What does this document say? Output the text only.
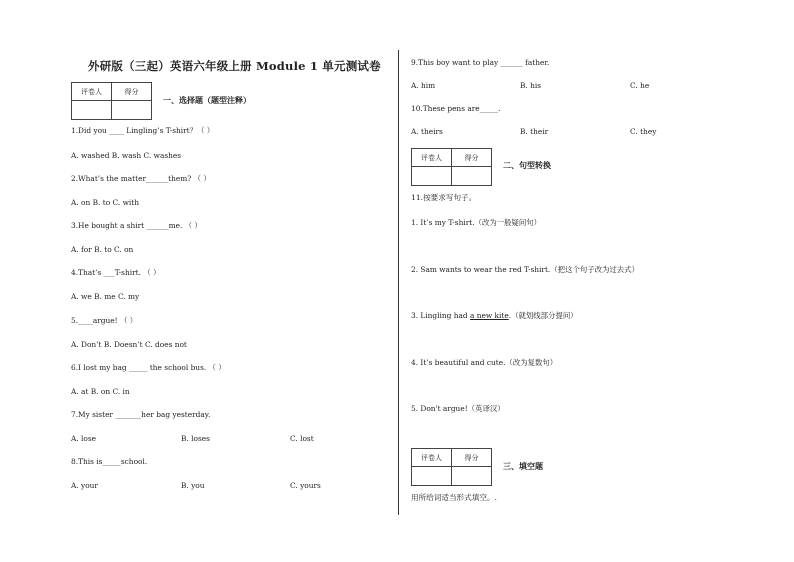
外研版（三起）英语六年级上册 Module 1 单元测试卷
评卷人	得分

一、选择题（题型注释）
1.Did you ____ Lingling’s T-shirt？（ ）
A. washed B. wash C. washes
2.What’s the matter______them? （ ）
A. on B. to C. with
3.He bought a shirt ______me. （ ）
A. for B. to C. on
4.That’s ___T-shirt. （ ）
A. we B. me C. my
5.____argue! （ ）
A. Don’t B. Doesn’t C. does not
6.I lost my bag _____ the school bus. （ ）
A. at B. on C. in
7.My sister _______her bag yesterday.
A. lose	B. loses	C. lost
8.This is_____school.
A. your	B. you	C. yours
9.This boy want to play ______ father.
A. him	B. his	C. he
10.These pens are_____.
A. theirs	B. their	C. they
评卷人	得分

二、句型转换
11.按要求写句子。
1. It’s my T-shirt.（改为一般疑问句）
2. Sam wants to wear the red T-shirt.（把这个句子改为过去式）
3. Lingling had a new kite.（就划线部分提问）
4. It’s beautiful and cute.（改为复数句）
5. Don't argue!（英译汉）
评卷人	得分

三、填空题
用所给词适当形式填空。.
